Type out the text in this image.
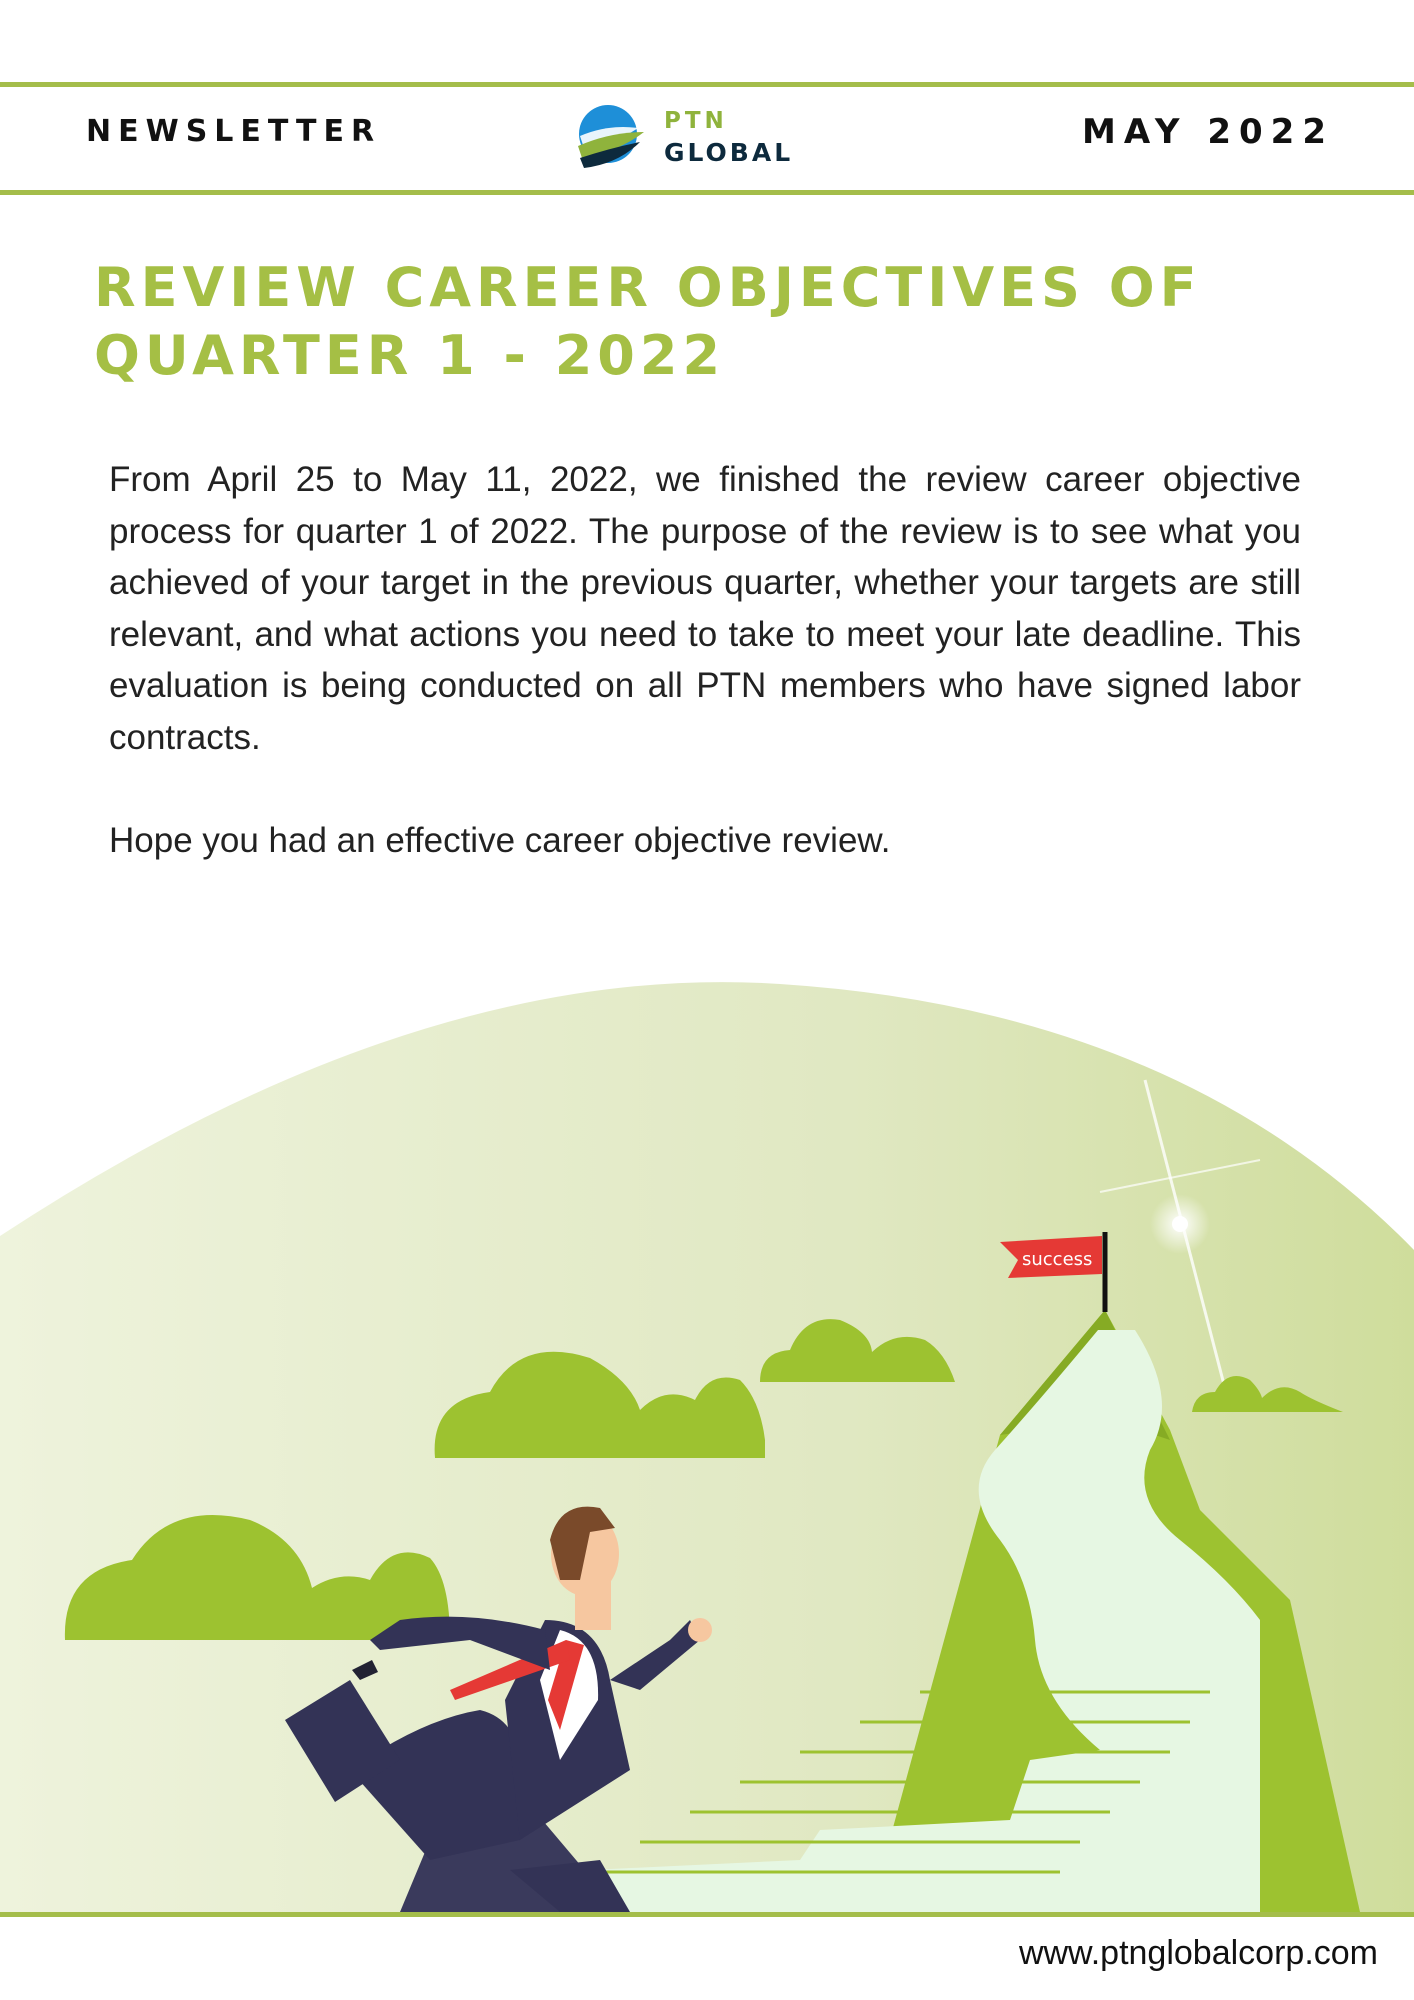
NEWSLETTER	PTN
GLOBAL
MAY 2022
REVIEW CAREER OBJECTIVES OF
QUARTER 1 - 2022

From April 25 to May 11, 2022, we finished the review career objective process for quarter 1 of 2022. The purpose of the review is to see what you achieved of your target in the previous quarter, whether your targets are still relevant, and what actions you need to take to meet your late deadline. This evaluation is being conducted on all PTN members who have signed labor contracts.

Hope you had an effective career objective review.

success
www.ptnglobalcorp.com
